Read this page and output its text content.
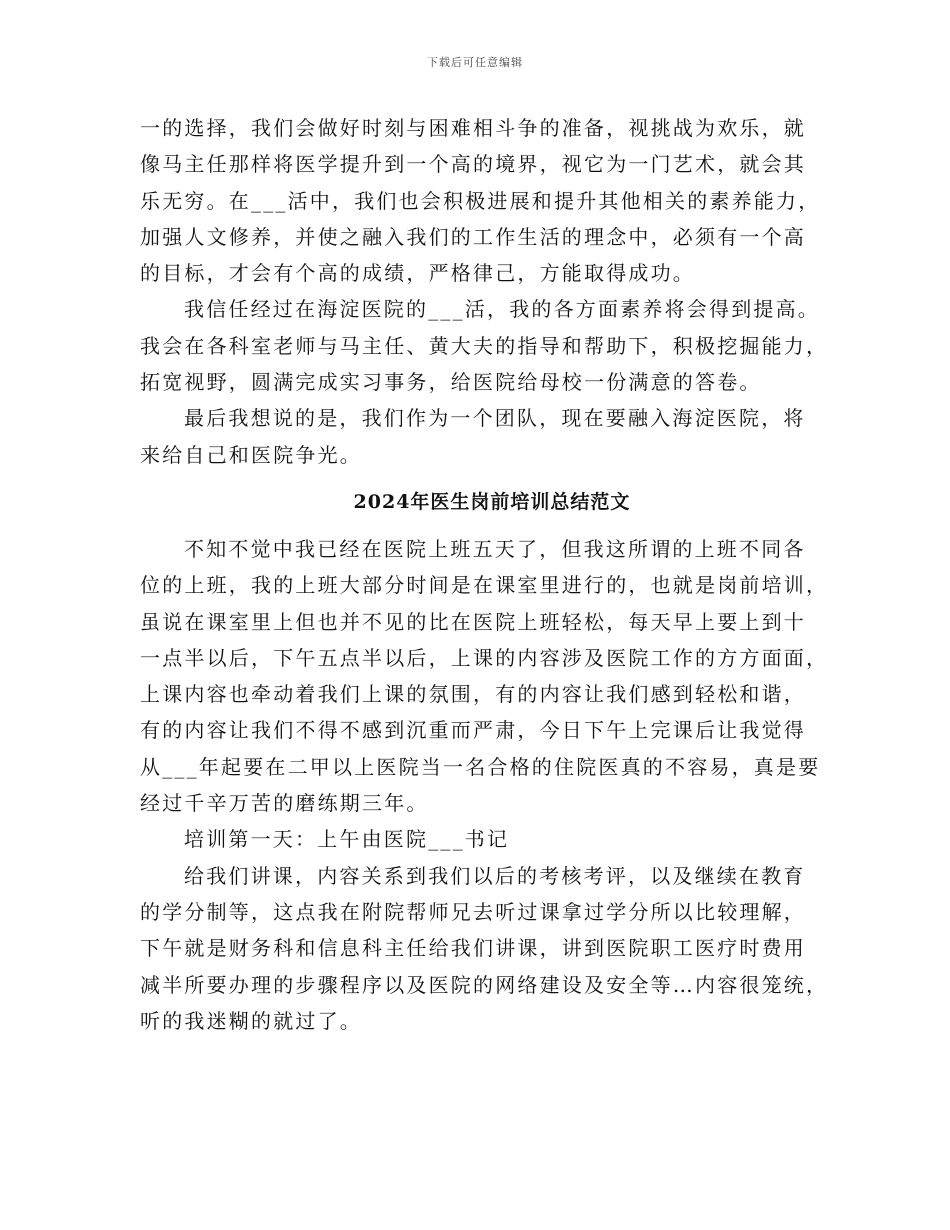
下载后可任意编辑
一的选择，我们会做好时刻与困难相斗争的准备，视挑战为欢乐，就
像马主任那样将医学提升到一个高的境界，视它为一门艺术，就会其
乐无穷。在___活中，我们也会积极进展和提升其他相关的素养能力，
加强人文修养，并使之融入我们的工作生活的理念中，必须有一个高
的目标，才会有个高的成绩，严格律己，方能取得成功。
我信任经过在海淀医院的___活，我的各方面素养将会得到提高。
我会在各科室老师与马主任、黄大夫的指导和帮助下，积极挖掘能力，
拓宽视野，圆满完成实习事务，给医院给母校一份满意的答卷。
最后我想说的是，我们作为一个团队，现在要融入海淀医院，将
来给自己和医院争光。
2024年医生岗前培训总结范文
不知不觉中我已经在医院上班五天了，但我这所谓的上班不同各
位的上班，我的上班大部分时间是在课室里进行的，也就是岗前培训，
虽说在课室里上但也并不见的比在医院上班轻松，每天早上要上到十
一点半以后，下午五点半以后，上课的内容涉及医院工作的方方面面，
上课内容也牵动着我们上课的氛围，有的内容让我们感到轻松和谐，
有的内容让我们不得不感到沉重而严肃，今日下午上完课后让我觉得
从___年起要在二甲以上医院当一名合格的住院医真的不容易，真是要
经过千辛万苦的磨练期三年。
培训第一天：上午由医院___书记
给我们讲课，内容关系到我们以后的考核考评，以及继续在教育
的学分制等，这点我在附院帮师兄去听过课拿过学分所以比较理解，
下午就是财务科和信息科主任给我们讲课，讲到医院职工医疗时费用
减半所要办理的步骤程序以及医院的网络建设及安全等…内容很笼统，
听的我迷糊的就过了。
